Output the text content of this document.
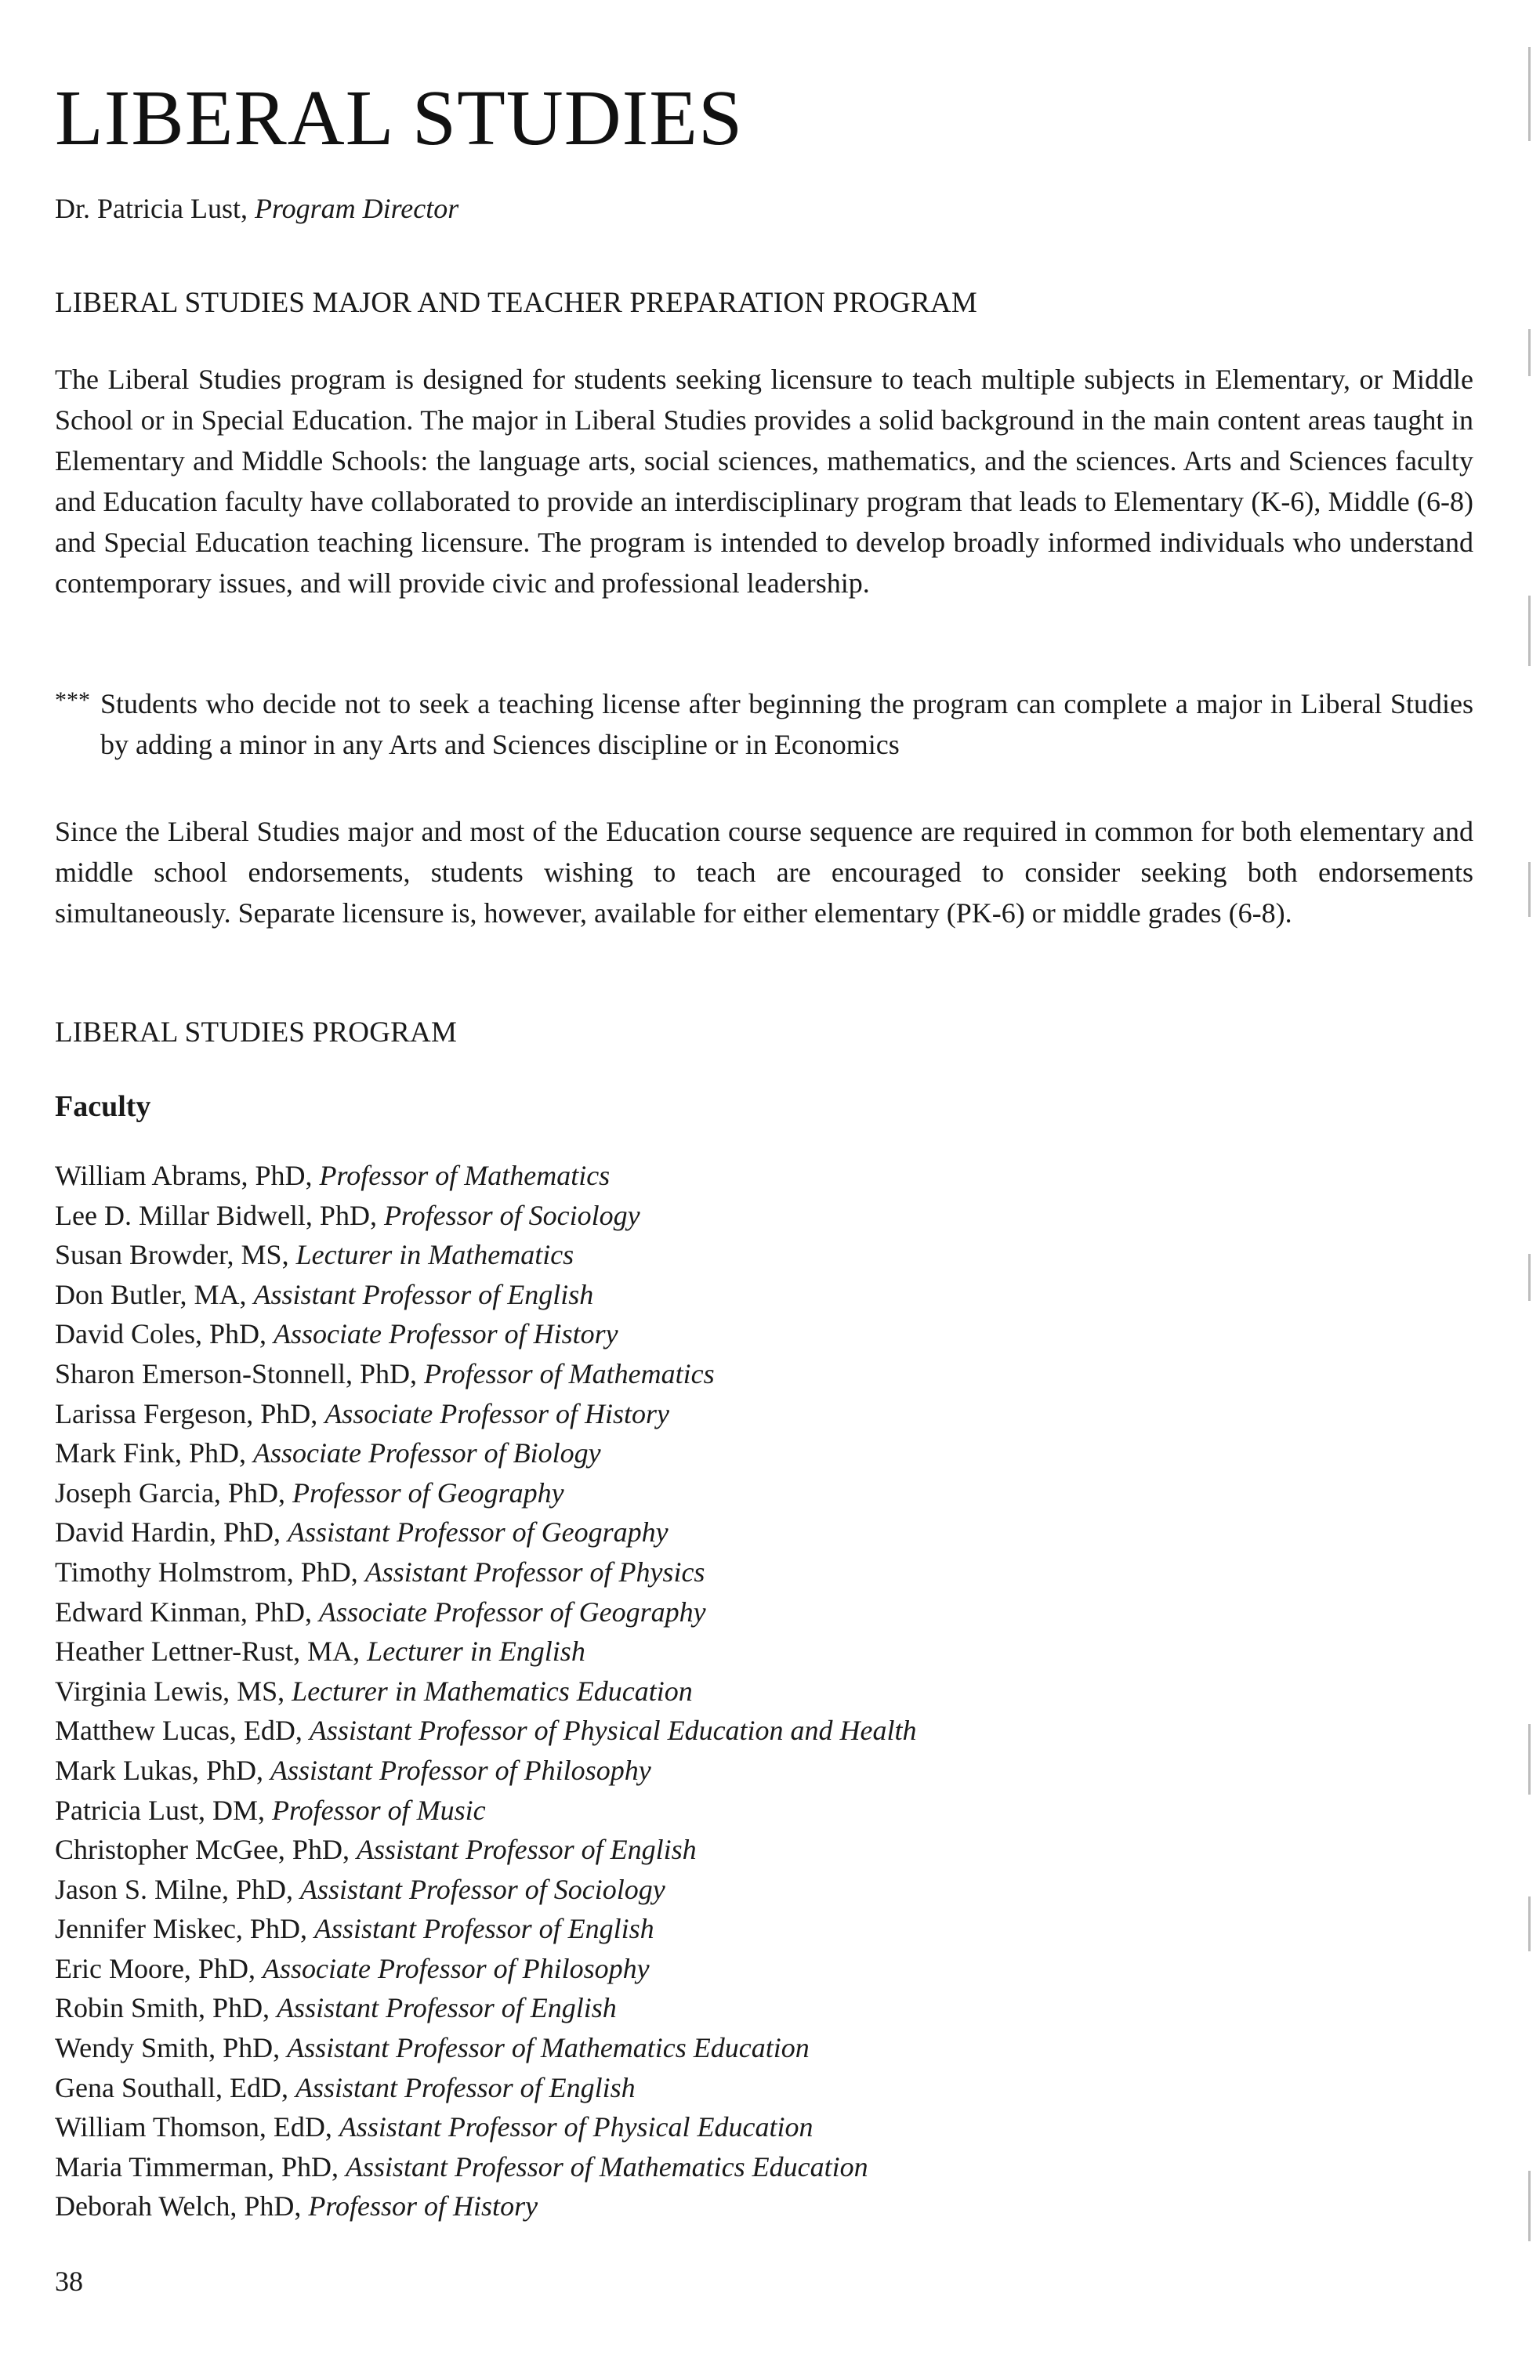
LIBERAL STUDIES
Dr. Patricia Lust, Program Director
LIBERAL STUDIES MAJOR AND TEACHER PREPARATION PROGRAM
The Liberal Studies program is designed for students seeking licensure to teach multiple subjects in Elementary, or Middle School or in Special Education. The major in Liberal Studies provides a solid background in the main content areas taught in Elementary and Middle Schools: the language arts, social sciences, mathematics, and the sciences. Arts and Sciences faculty and Education faculty have collaborated to provide an interdisciplinary program that leads to Elementary (K-6), Middle (6-8) and Special Education teaching licensure. The program is intended to develop broadly informed individuals who understand contemporary issues, and will provide civic and professional leadership.
*** Students who decide not to seek a teaching license after beginning the program can complete a major in Liberal Studies by adding a minor in any Arts and Sciences discipline or in Economics
Since the Liberal Studies major and most of the Education course sequence are required in common for both elementary and middle school endorsements, students wishing to teach are encouraged to consider seeking both endorsements simultaneously. Separate licensure is, however, available for either elementary (PK-6) or middle grades (6-8).
LIBERAL STUDIES PROGRAM
Faculty
William Abrams, PhD, Professor of Mathematics
Lee D. Millar Bidwell, PhD, Professor of Sociology
Susan Browder, MS, Lecturer in Mathematics
Don Butler, MA, Assistant Professor of English
David Coles, PhD, Associate Professor of History
Sharon Emerson-Stonnell, PhD, Professor of Mathematics
Larissa Fergeson, PhD, Associate Professor of History
Mark Fink, PhD, Associate Professor of Biology
Joseph Garcia, PhD, Professor of Geography
David Hardin, PhD, Assistant Professor of Geography
Timothy Holmstrom, PhD, Assistant Professor of Physics
Edward Kinman, PhD, Associate Professor of Geography
Heather Lettner-Rust, MA, Lecturer in English
Virginia Lewis, MS, Lecturer in Mathematics Education
Matthew Lucas, EdD, Assistant Professor of Physical Education and Health
Mark Lukas, PhD, Assistant Professor of Philosophy
Patricia Lust, DM, Professor of Music
Christopher McGee, PhD, Assistant Professor of English
Jason S. Milne, PhD, Assistant Professor of Sociology
Jennifer Miskec, PhD, Assistant Professor of English
Eric Moore, PhD, Associate Professor of Philosophy
Robin Smith, PhD, Assistant Professor of English
Wendy Smith, PhD, Assistant Professor of Mathematics Education
Gena Southall, EdD, Assistant Professor of English
William Thomson, EdD, Assistant Professor of Physical Education
Maria Timmerman, PhD, Assistant Professor of Mathematics Education
Deborah Welch, PhD, Professor of History
38
